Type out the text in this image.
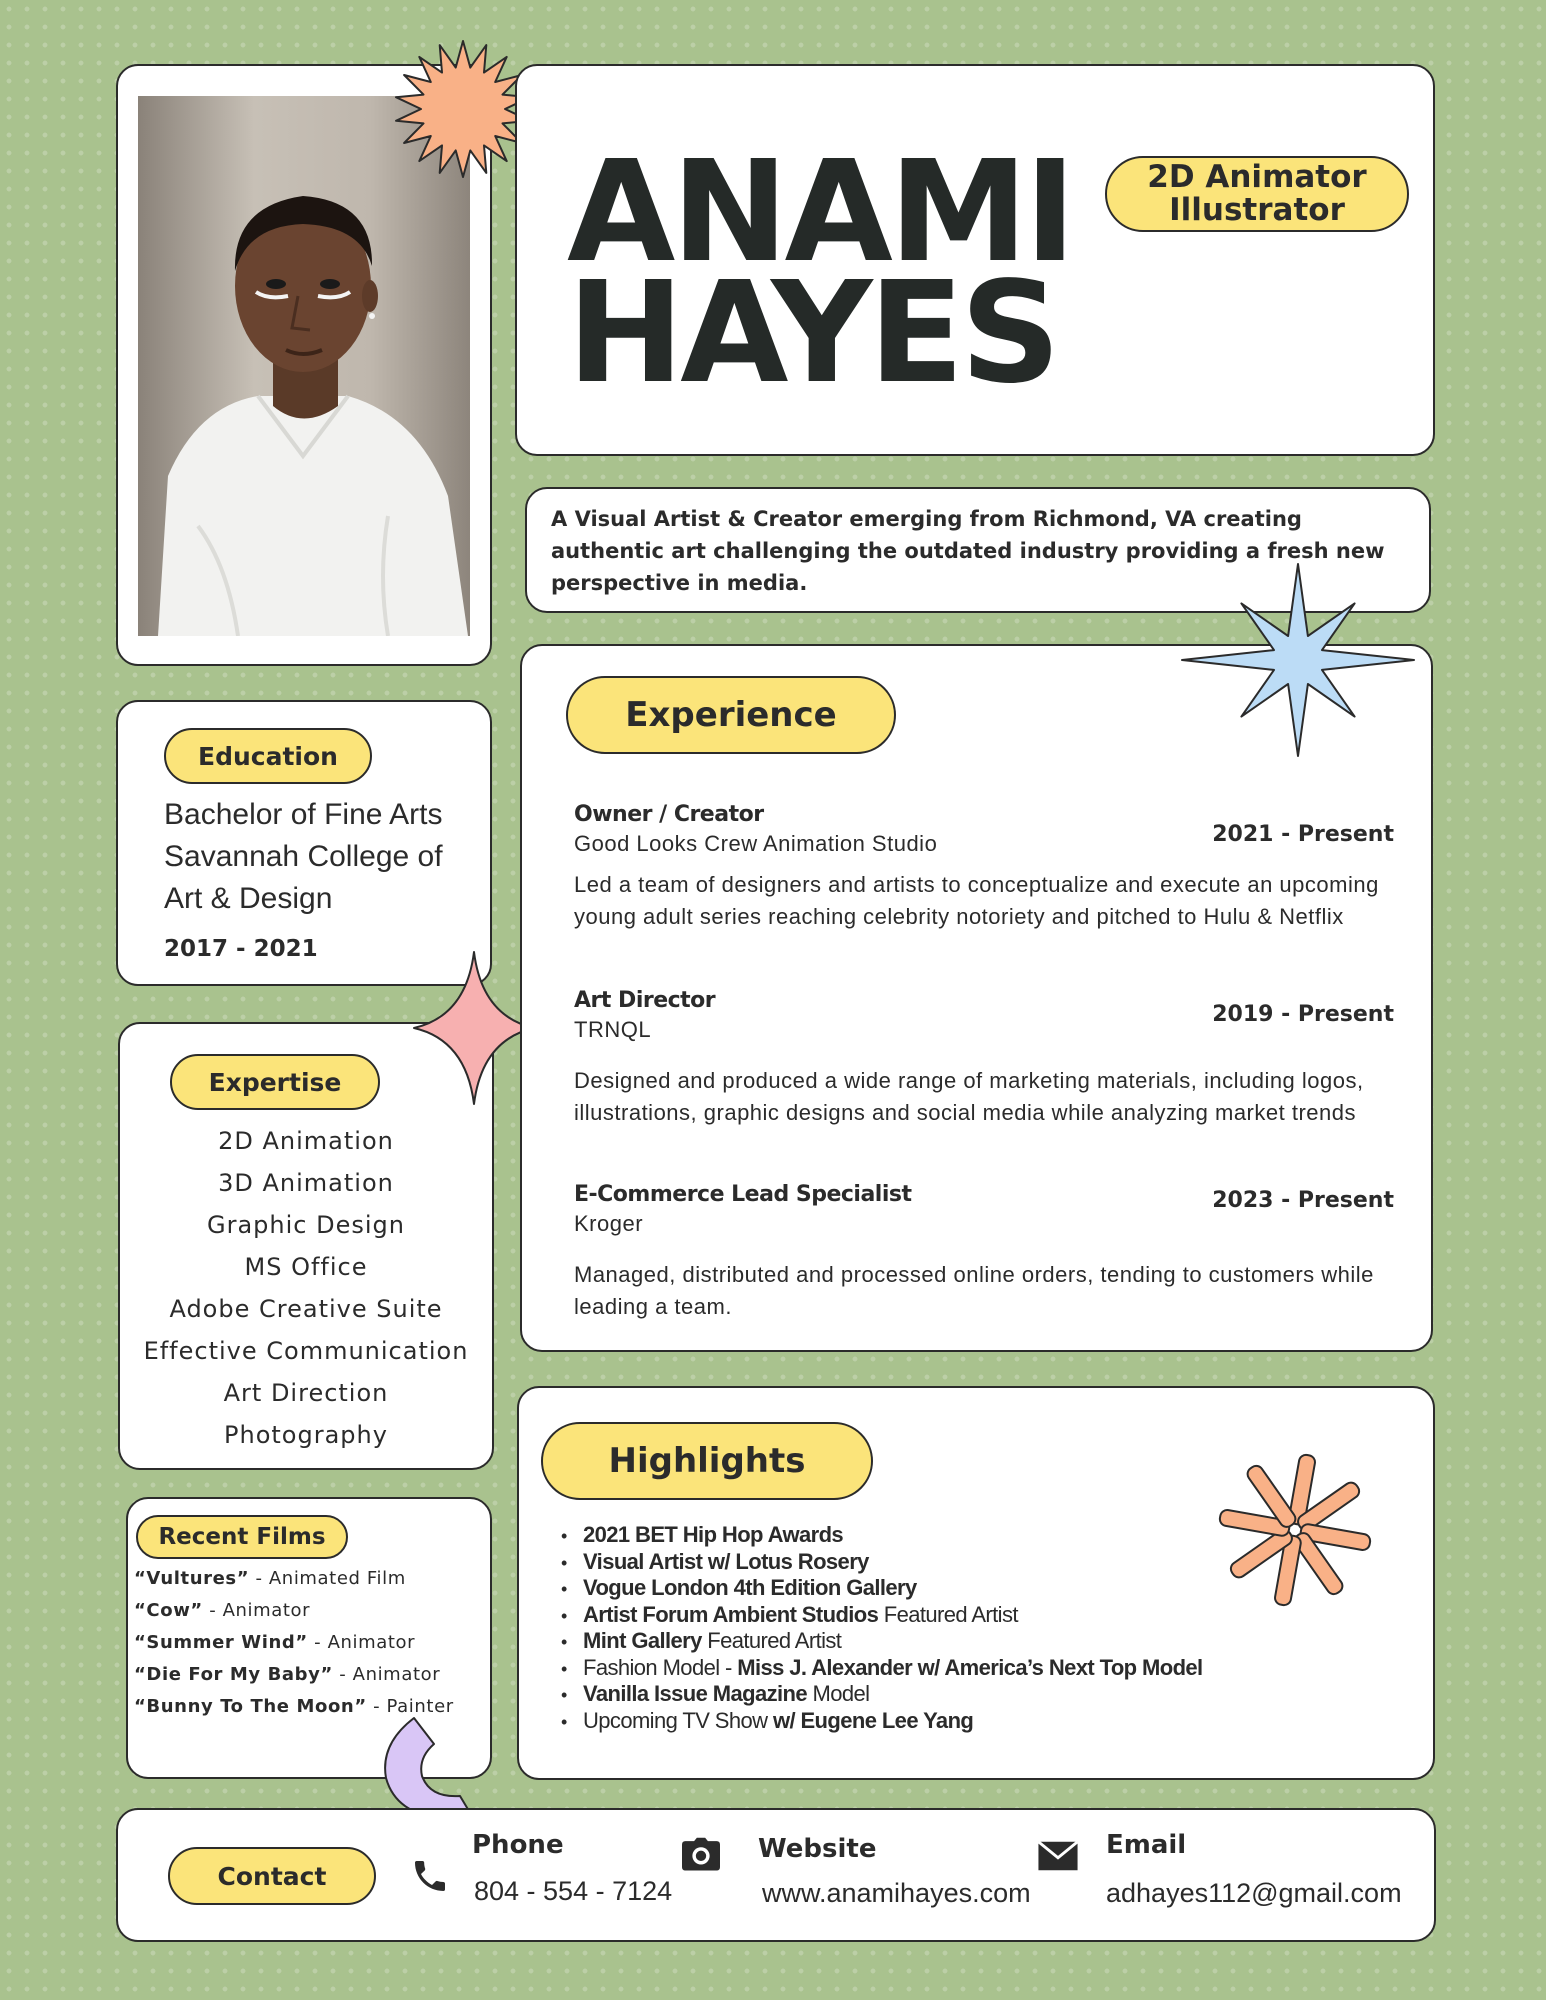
ANAMI
HAYES
2D Animator
Illustrator
A Visual Artist & Creator emerging from Richmond, VA creating authentic art challenging the outdated industry providing a fresh new perspective in media.
Education
Bachelor of Fine Arts
Savannah College of
Art & Design
2017 - 2021
Expertise
2D Animation
3D Animation
Graphic Design
MS Office
Adobe Creative Suite
Effective Communication
Art Direction
Photography
Recent Films
“Vultures” - Animated Film
“Cow” - Animator
“Summer Wind” - Animator
“Die For My Baby” - Animator
“Bunny To The Moon” - Painter
Experience
Owner / Creator
Good Looks Crew Animation Studio	2021 - Present
Led a team of designers and artists to conceptualize and execute an upcoming young adult series reaching celebrity notoriety and pitched to Hulu & Netflix
Art Director
TRNQL
2019 - Present
Designed and produced a wide range of marketing materials, including logos, illustrations, graphic designs and social media while analyzing market trends
E-Commerce Lead Specialist
Kroger
2023 - Present
Managed, distributed and processed online orders, tending to customers while leading a team.
Highlights
• 2021 BET Hip Hop Awards
• Visual Artist w/ Lotus Rosery
• Vogue London 4th Edition Gallery
• Artist Forum Ambient Studios Featured Artist
• Mint Gallery Featured Artist
• Fashion Model - Miss J. Alexander w/ America’s Next Top Model
• Vanilla Issue Magazine Model
• Upcoming TV Show w/ Eugene Lee Yang
Contact
Phone
804 - 554 - 7124
Website
www.anamihayes.com
Email
adhayes112@gmail.com
